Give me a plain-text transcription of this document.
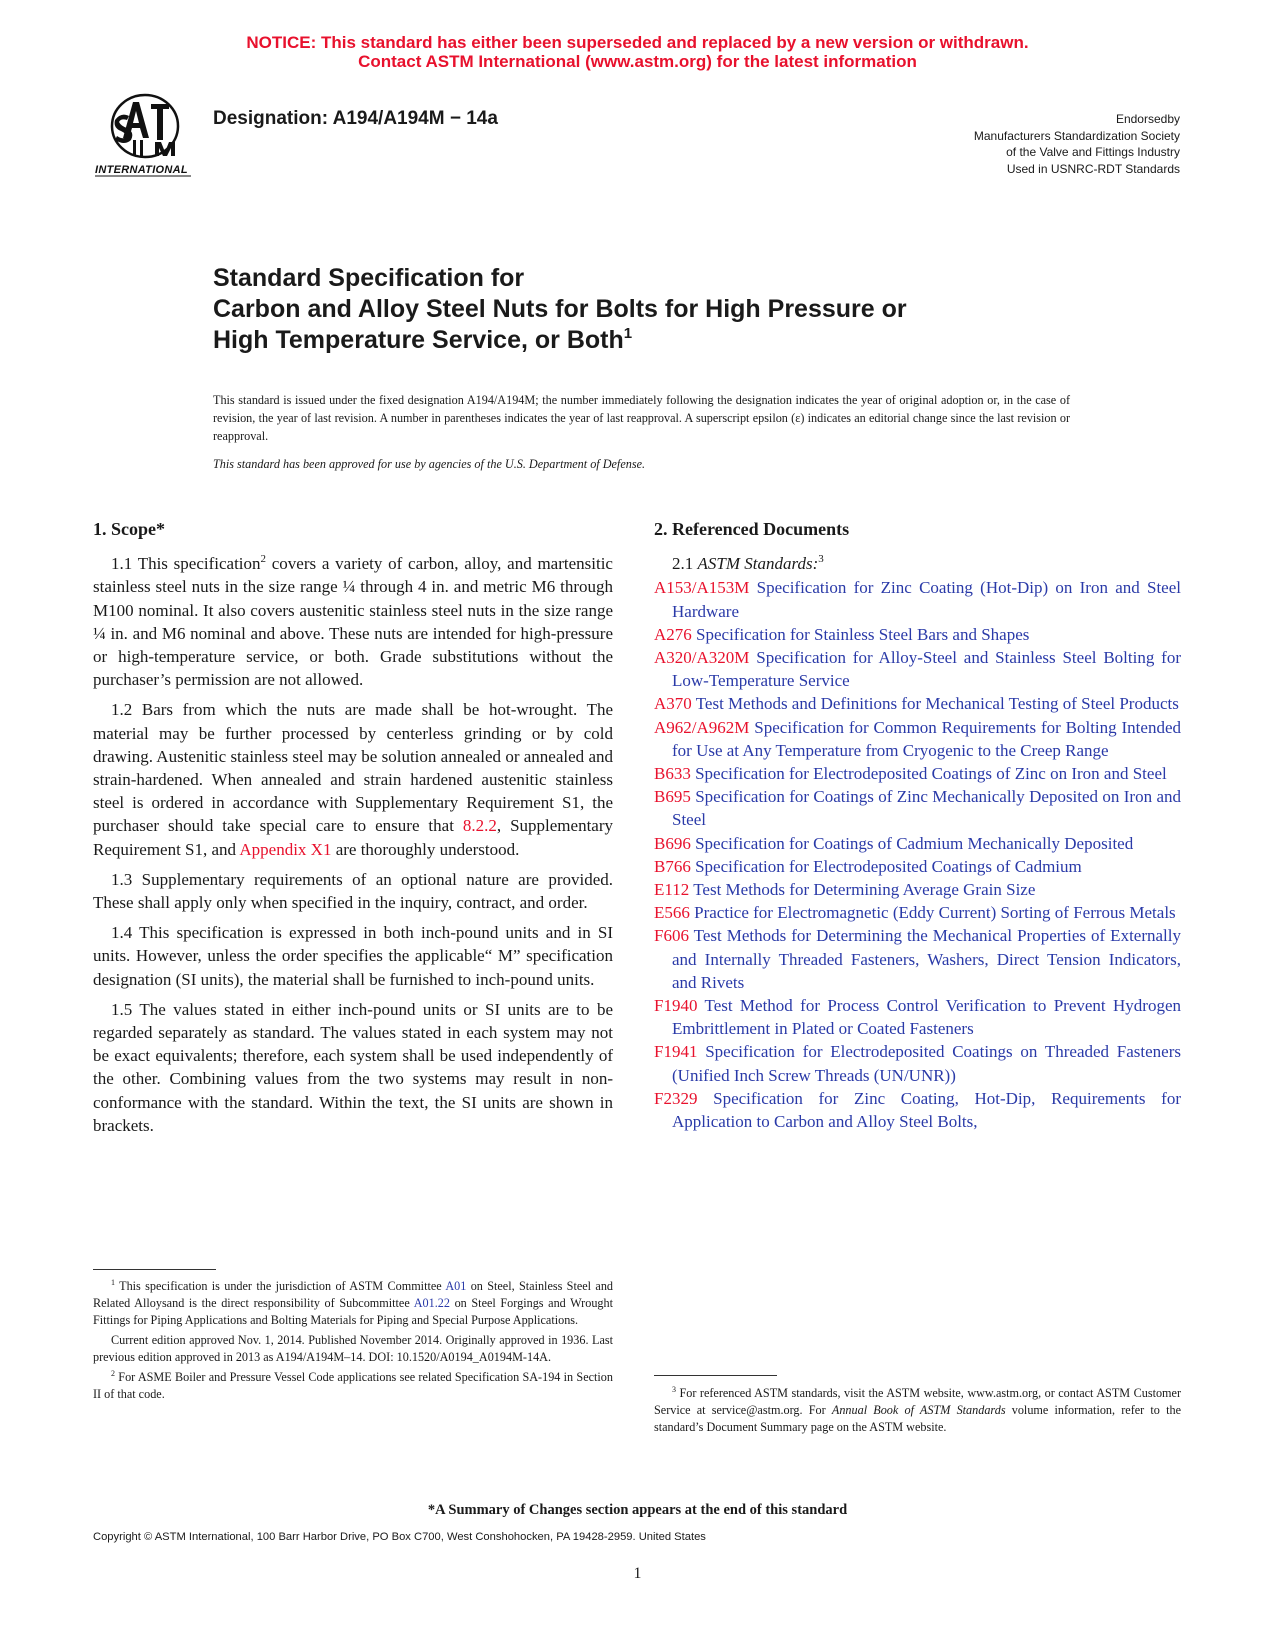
NOTICE: This standard has either been superseded and replaced by a new version or withdrawn.
Contact ASTM International (www.astm.org) for the latest information
INTERNATIONAL
Designation: A194/A194M − 14a	Endorsedby
Manufacturers Standardization Society
of the Valve and Fittings Industry
Used in USNRC-RDT Standards
Standard Specification for
Carbon and Alloy Steel Nuts for Bolts for High Pressure or
High Temperature Service, or Both$^1$
This standard is issued under the fixed designation A194/A194M; the number immediately following the designation indicates the year of original adoption or, in the case of revision, the year of last revision. A number in parentheses indicates the year of last reapproval. A superscript epsilon (ε) indicates an editorial change since the last revision or reapproval.
This standard has been approved for use by agencies of the U.S. Department of Defense.
1. Scope*

1.1 This specification$^2$ covers a variety of carbon, alloy, and martensitic stainless steel nuts in the size range ¼ through 4 in. and metric M6 through M100 nominal. It also covers austenitic stainless steel nuts in the size range ¼ in. and M6 nominal and above. These nuts are intended for high-pressure or high-temperature service, or both. Grade substitutions without the purchaser’s permission are not allowed.

1.2 Bars from which the nuts are made shall be hot-wrought. The material may be further processed by centerless grinding or by cold drawing. Austenitic stainless steel may be solution annealed or annealed and strain-hardened. When annealed and strain hardened austenitic stainless steel is ordered in accordance with Supplementary Requirement S1, the purchaser should take special care to ensure that 8.2.2, Supplementary Requirement S1, and Appendix X1 are thoroughly understood.

1.3 Supplementary requirements of an optional nature are provided. These shall apply only when specified in the inquiry, contract, and order.

1.4 This specification is expressed in both inch-pound units and in SI units. However, unless the order specifies the applicable“ M” specification designation (SI units), the material shall be furnished to inch-pound units.

1.5 The values stated in either inch-pound units or SI units are to be regarded separately as standard. The values stated in each system may not be exact equivalents; therefore, each system shall be used independently of the other. Combining values from the two systems may result in non-conformance with the standard. Within the text, the SI units are shown in brackets.

2. Referenced Documents
2.1 ASTM Standards:$^3$

A153/A153M Specification for Zinc Coating (Hot-Dip) on Iron and Steel Hardware

A276 Specification for Stainless Steel Bars and Shapes

A320/A320M Specification for Alloy-Steel and Stainless Steel Bolting for Low-Temperature Service

A370 Test Methods and Definitions for Mechanical Testing of Steel Products

A962/A962M Specification for Common Requirements for Bolting Intended for Use at Any Temperature from Cryogenic to the Creep Range

B633 Specification for Electrodeposited Coatings of Zinc on Iron and Steel

B695 Specification for Coatings of Zinc Mechanically Deposited on Iron and Steel

B696 Specification for Coatings of Cadmium Mechanically Deposited

B766 Specification for Electrodeposited Coatings of Cadmium

E112 Test Methods for Determining Average Grain Size

E566 Practice for Electromagnetic (Eddy Current) Sorting of Ferrous Metals

F606 Test Methods for Determining the Mechanical Properties of Externally and Internally Threaded Fasteners, Washers, Direct Tension Indicators, and Rivets

F1940 Test Method for Process Control Verification to Prevent Hydrogen Embrittlement in Plated or Coated Fasteners

F1941 Specification for Electrodeposited Coatings on Threaded Fasteners (Unified Inch Screw Threads (UN/UNR))

F2329 Specification for Zinc Coating, Hot-Dip, Requirements for Application to Carbon and Alloy Steel Bolts,

$^1$ This specification is under the jurisdiction of ASTM Committee A01 on Steel, Stainless Steel and Related Alloysand is the direct responsibility of Subcommittee A01.22 on Steel Forgings and Wrought Fittings for Piping Applications and Bolting Materials for Piping and Special Purpose Applications.

Current edition approved Nov. 1, 2014. Published November 2014. Originally approved in 1936. Last previous edition approved in 2013 as A194/A194M–14. DOI: 10.1520/A0194_A0194M-14A.

$^2$ For ASME Boiler and Pressure Vessel Code applications see related Specification SA-194 in Section II of that code.	$^3$ For referenced ASTM standards, visit the ASTM website, www.astm.org, or contact ASTM Customer Service at service@astm.org. For Annual Book of ASTM Standards volume information, refer to the standard’s Document Summary page on the ASTM website.

*A Summary of Changes section appears at the end of this standard
Copyright © ASTM International, 100 Barr Harbor Drive, PO Box C700, West Conshohocken, PA 19428-2959. United States
1
